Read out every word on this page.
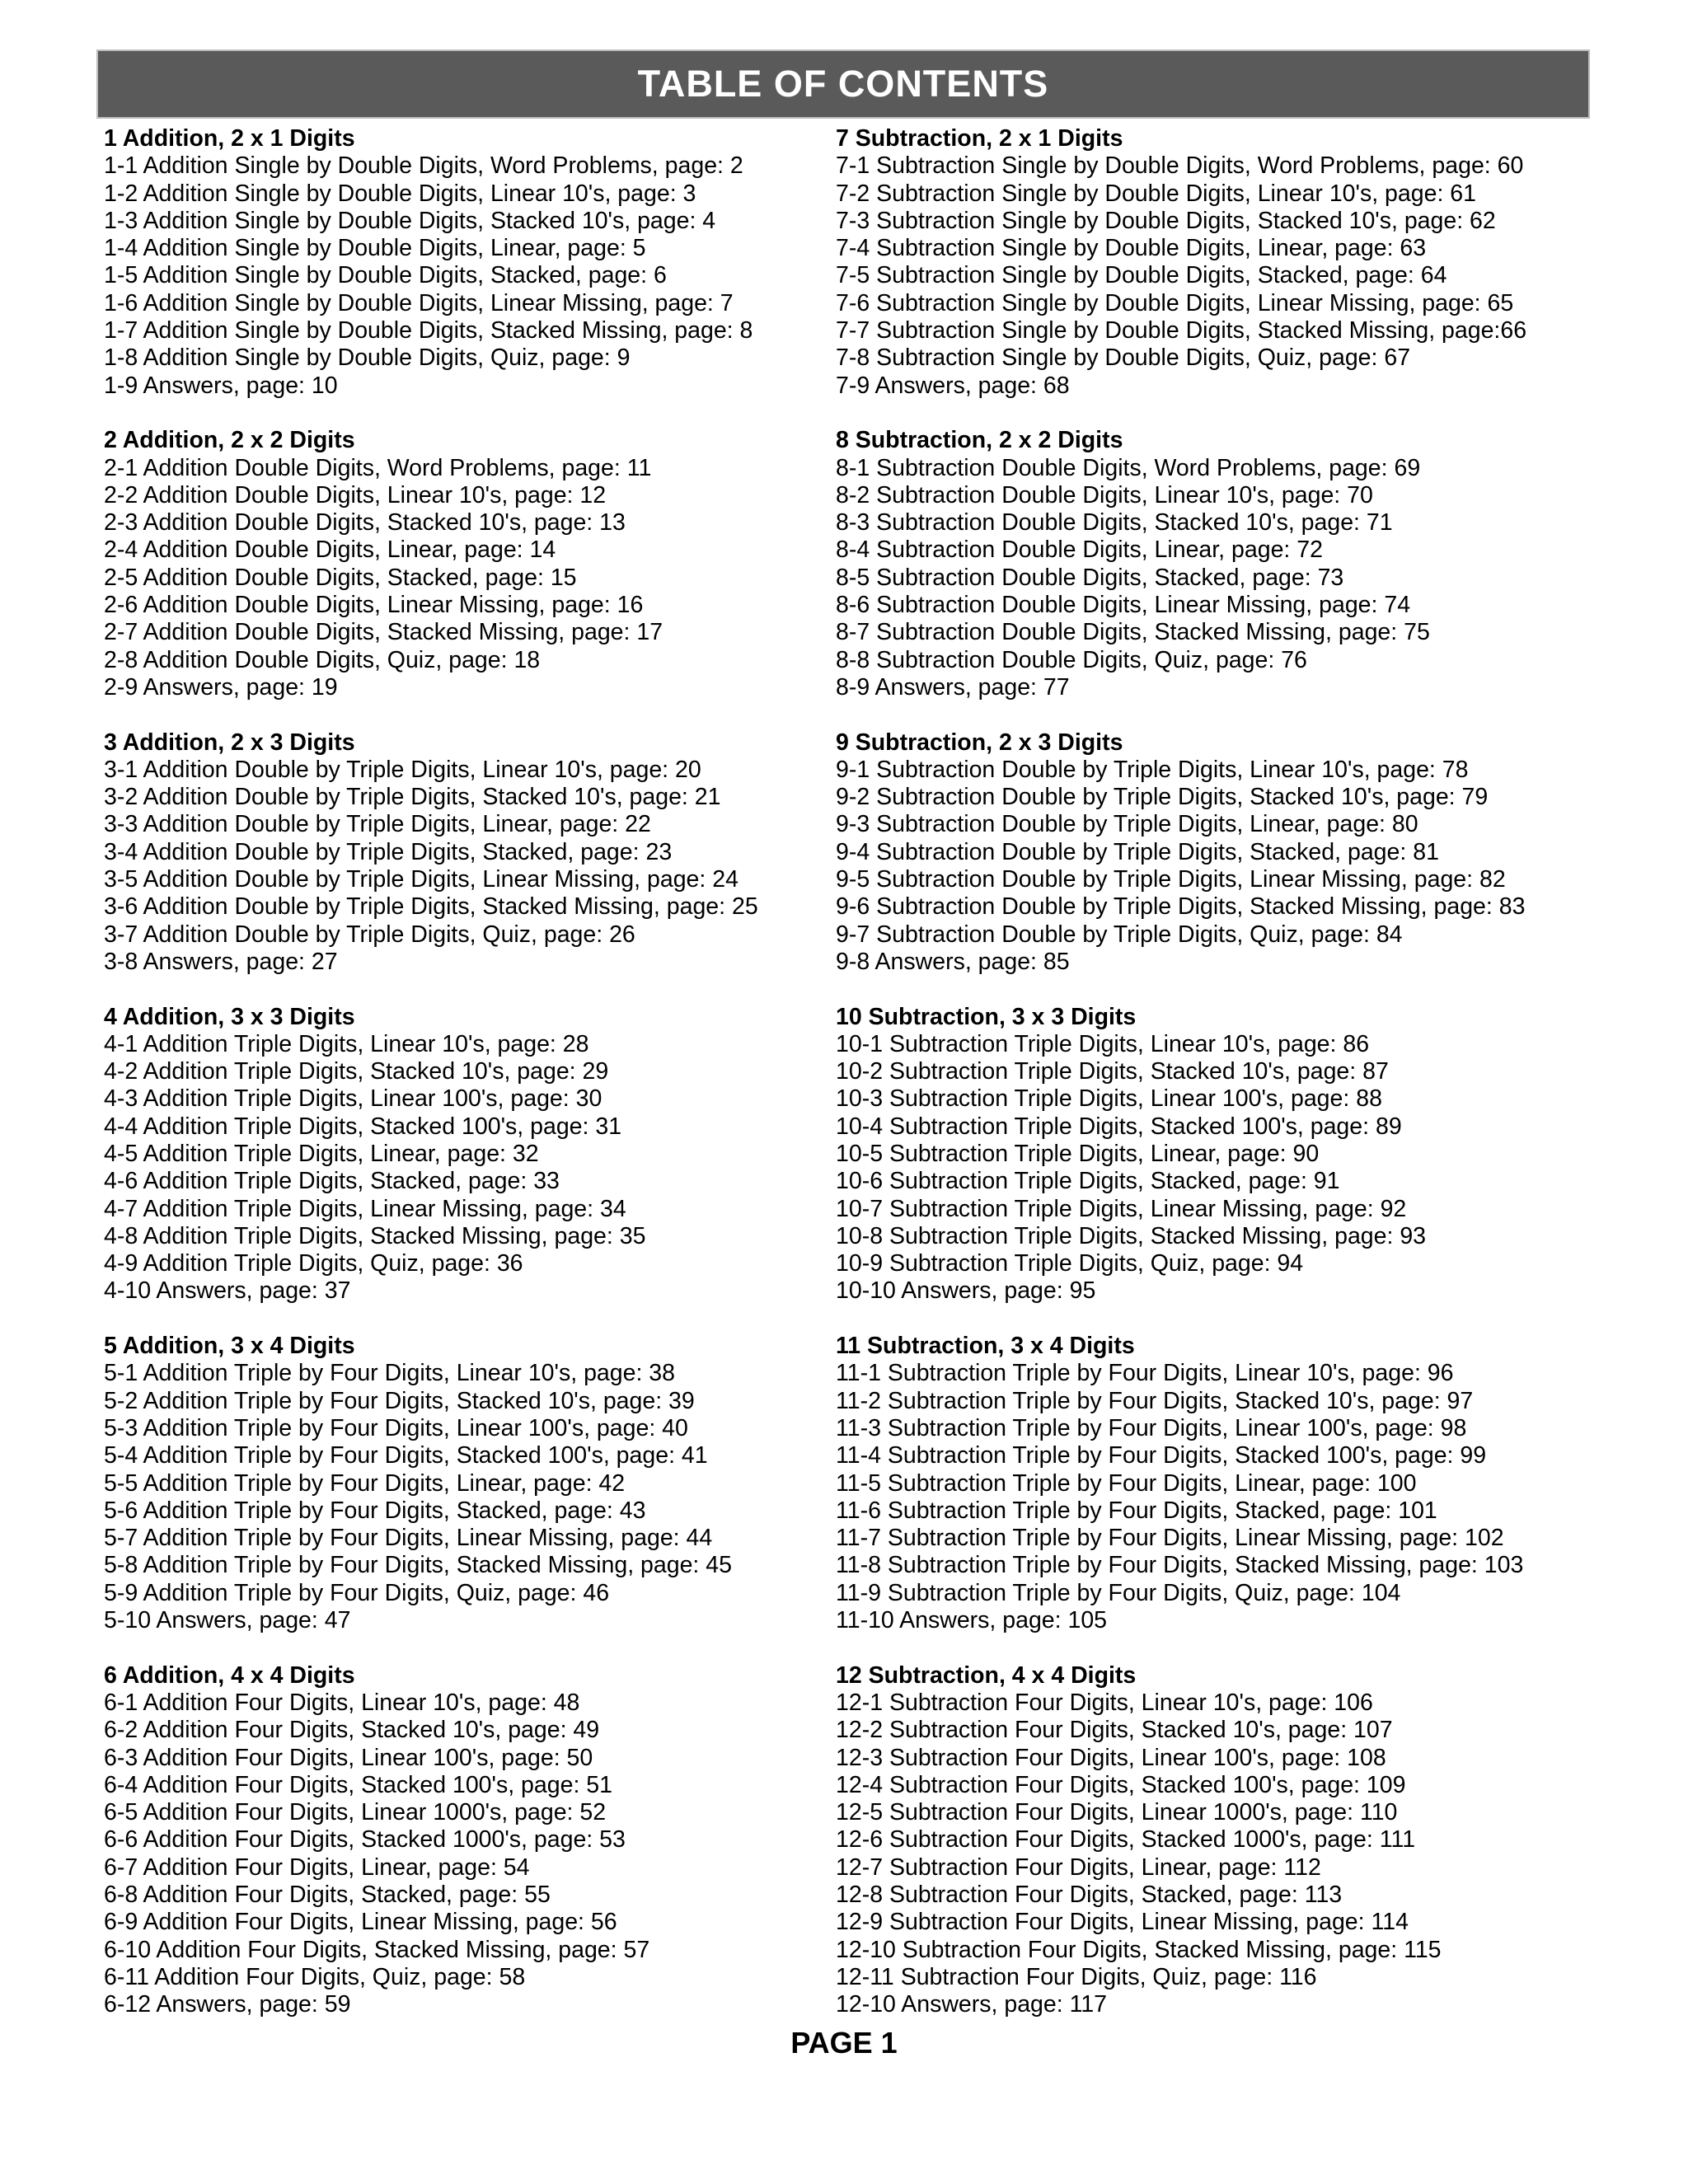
TABLE OF CONTENTS
1 Addition, 2 x 1 Digits
1-1 Addition Single by Double Digits, Word Problems, page: 2
1-2 Addition Single by Double Digits, Linear 10's, page: 3
1-3 Addition Single by Double Digits, Stacked 10's, page: 4
1-4 Addition Single by Double Digits, Linear, page: 5
1-5 Addition Single by Double Digits, Stacked, page: 6
1-6 Addition Single by Double Digits, Linear Missing, page: 7
1-7 Addition Single by Double Digits, Stacked Missing, page: 8
1-8 Addition Single by Double Digits, Quiz, page: 9
1-9 Answers, page: 10
2 Addition, 2 x 2 Digits
2-1 Addition Double Digits, Word Problems, page: 11
2-2 Addition Double Digits, Linear 10's, page: 12
2-3 Addition Double Digits, Stacked 10's, page: 13
2-4 Addition Double Digits, Linear, page: 14
2-5 Addition Double Digits, Stacked, page: 15
2-6 Addition Double Digits, Linear Missing, page: 16
2-7 Addition Double Digits, Stacked Missing, page: 17
2-8 Addition Double Digits, Quiz, page: 18
2-9 Answers, page: 19
3 Addition, 2 x 3 Digits
3-1 Addition Double by Triple Digits, Linear 10's, page: 20
3-2 Addition Double by Triple Digits, Stacked 10's, page: 21
3-3 Addition Double by Triple Digits, Linear, page: 22
3-4 Addition Double by Triple Digits, Stacked, page: 23
3-5 Addition Double by Triple Digits, Linear Missing, page: 24
3-6 Addition Double by Triple Digits, Stacked Missing, page: 25
3-7 Addition Double by Triple Digits, Quiz, page: 26
3-8 Answers, page: 27
4 Addition, 3 x 3 Digits
4-1 Addition Triple Digits, Linear 10's, page: 28
4-2 Addition Triple Digits, Stacked 10's, page: 29
4-3 Addition Triple Digits, Linear 100's, page: 30
4-4 Addition Triple Digits, Stacked 100's, page: 31
4-5 Addition Triple Digits, Linear, page: 32
4-6 Addition Triple Digits, Stacked, page: 33
4-7 Addition Triple Digits, Linear Missing, page: 34
4-8 Addition Triple Digits, Stacked Missing, page: 35
4-9 Addition Triple Digits, Quiz, page: 36
4-10 Answers, page: 37
5 Addition, 3 x 4 Digits
5-1 Addition Triple by Four Digits, Linear 10's, page: 38
5-2 Addition Triple by Four Digits, Stacked 10's, page: 39
5-3 Addition Triple by Four Digits, Linear 100's, page: 40
5-4 Addition Triple by Four Digits, Stacked 100's, page: 41
5-5 Addition Triple by Four Digits, Linear, page: 42
5-6 Addition Triple by Four Digits, Stacked, page: 43
5-7 Addition Triple by Four Digits, Linear Missing, page: 44
5-8 Addition Triple by Four Digits, Stacked Missing, page: 45
5-9 Addition Triple by Four Digits, Quiz, page: 46
5-10 Answers, page: 47
6 Addition, 4 x 4 Digits
6-1 Addition Four Digits, Linear 10's, page: 48
6-2 Addition Four Digits, Stacked 10's, page: 49
6-3 Addition Four Digits, Linear 100's, page: 50
6-4 Addition Four Digits, Stacked 100's, page: 51
6-5 Addition Four Digits, Linear 1000's, page: 52
6-6 Addition Four Digits, Stacked 1000's, page: 53
6-7 Addition Four Digits, Linear, page: 54
6-8 Addition Four Digits, Stacked, page: 55
6-9 Addition Four Digits, Linear Missing, page: 56
6-10 Addition Four Digits, Stacked Missing, page: 57
6-11 Addition Four Digits, Quiz, page: 58
6-12 Answers, page: 59
7 Subtraction, 2 x 1 Digits
7-1 Subtraction Single by Double Digits, Word Problems, page: 60
7-2 Subtraction Single by Double Digits, Linear 10's, page: 61
7-3 Subtraction Single by Double Digits, Stacked 10's, page: 62
7-4 Subtraction Single by Double Digits, Linear, page: 63
7-5 Subtraction Single by Double Digits, Stacked, page: 64
7-6 Subtraction Single by Double Digits, Linear Missing, page: 65
7-7 Subtraction Single by Double Digits, Stacked Missing, page:66
7-8 Subtraction Single by Double Digits, Quiz, page: 67
7-9 Answers, page: 68
8 Subtraction, 2 x 2 Digits
8-1 Subtraction Double Digits, Word Problems, page: 69
8-2 Subtraction Double Digits, Linear 10's, page: 70
8-3 Subtraction Double Digits, Stacked 10's, page: 71
8-4 Subtraction Double Digits, Linear, page: 72
8-5 Subtraction Double Digits, Stacked, page: 73
8-6 Subtraction Double Digits, Linear Missing, page: 74
8-7 Subtraction Double Digits, Stacked Missing, page: 75
8-8 Subtraction Double Digits, Quiz, page: 76
8-9 Answers, page: 77
9 Subtraction, 2 x 3 Digits
9-1 Subtraction Double by Triple Digits, Linear 10's, page: 78
9-2 Subtraction Double by Triple Digits, Stacked 10's, page: 79
9-3 Subtraction Double by Triple Digits, Linear, page: 80
9-4 Subtraction Double by Triple Digits, Stacked, page: 81
9-5 Subtraction Double by Triple Digits, Linear Missing, page: 82
9-6 Subtraction Double by Triple Digits, Stacked Missing, page: 83
9-7 Subtraction Double by Triple Digits, Quiz, page: 84
9-8 Answers, page: 85
10 Subtraction, 3 x 3 Digits
10-1 Subtraction Triple Digits, Linear 10's, page: 86
10-2 Subtraction Triple Digits, Stacked 10's, page: 87
10-3 Subtraction Triple Digits, Linear 100's, page: 88
10-4 Subtraction Triple Digits, Stacked 100's, page: 89
10-5 Subtraction Triple Digits, Linear, page: 90
10-6 Subtraction Triple Digits, Stacked, page: 91
10-7 Subtraction Triple Digits, Linear Missing, page: 92
10-8 Subtraction Triple Digits, Stacked Missing, page: 93
10-9 Subtraction Triple Digits, Quiz, page: 94
10-10 Answers, page: 95
11 Subtraction, 3 x 4 Digits
11-1 Subtraction Triple by Four Digits, Linear 10's, page: 96
11-2 Subtraction Triple by Four Digits, Stacked 10's, page: 97
11-3 Subtraction Triple by Four Digits, Linear 100's, page: 98
11-4 Subtraction Triple by Four Digits, Stacked 100's, page: 99
11-5 Subtraction Triple by Four Digits, Linear, page: 100
11-6 Subtraction Triple by Four Digits, Stacked, page: 101
11-7 Subtraction Triple by Four Digits, Linear Missing, page: 102
11-8 Subtraction Triple by Four Digits, Stacked Missing, page: 103
11-9 Subtraction Triple by Four Digits, Quiz, page: 104
11-10 Answers, page: 105
12 Subtraction, 4 x 4 Digits
12-1 Subtraction Four Digits, Linear 10's, page: 106
12-2 Subtraction Four Digits, Stacked 10's, page: 107
12-3 Subtraction Four Digits, Linear 100's, page: 108
12-4 Subtraction Four Digits, Stacked 100's, page: 109
12-5 Subtraction Four Digits, Linear 1000's, page: 110
12-6 Subtraction Four Digits, Stacked 1000's, page: 111
12-7 Subtraction Four Digits, Linear, page: 112
12-8 Subtraction Four Digits, Stacked, page: 113
12-9 Subtraction Four Digits, Linear Missing, page: 114
12-10 Subtraction Four Digits, Stacked Missing, page: 115
12-11 Subtraction Four Digits, Quiz, page: 116
12-10 Answers, page: 117
PAGE 1
